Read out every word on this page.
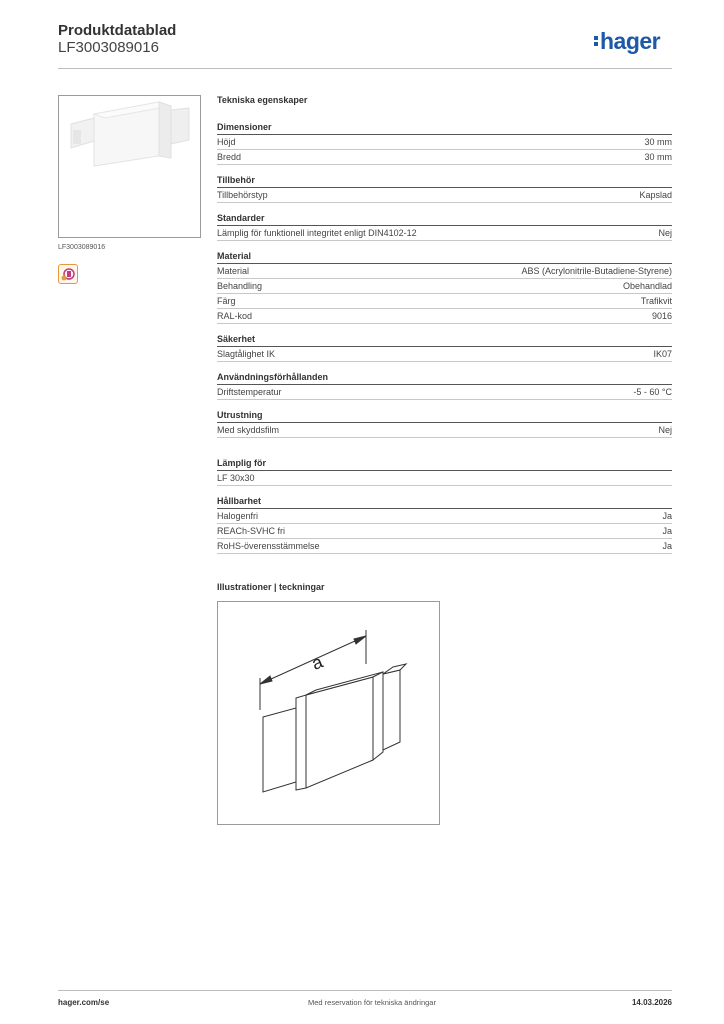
Produktdatablad
LF3003089016	hager
LF3003089016
Tekniska egenskaper
Dimensioner
Höjd	30 mm
Bredd	30 mm
Tillbehör
Tillbehörstyp	Kapslad
Standarder
Lämplig för funktionell integritet enligt DIN4102-12	Nej
Material
Material	ABS (Acrylonitrile-Butadiene-Styrene)
Behandling	Obehandlad
Färg	Trafikvit
RAL-kod	9016
Säkerhet
Slagtålighet IK	IK07
Användningsförhållanden
Driftstemperatur	-5 - 60 °C
Utrustning
Med skyddsfilm	Nej
Lämplig för
LF 30x30
Hållbarhet
Halogenfri	Ja
REACh-SVHC fri	Ja
RoHS-överensstämmelse	Ja
Illustrationer | teckningar
a
hager.com/se	Med reservation för tekniska ändringar	14.03.2026
